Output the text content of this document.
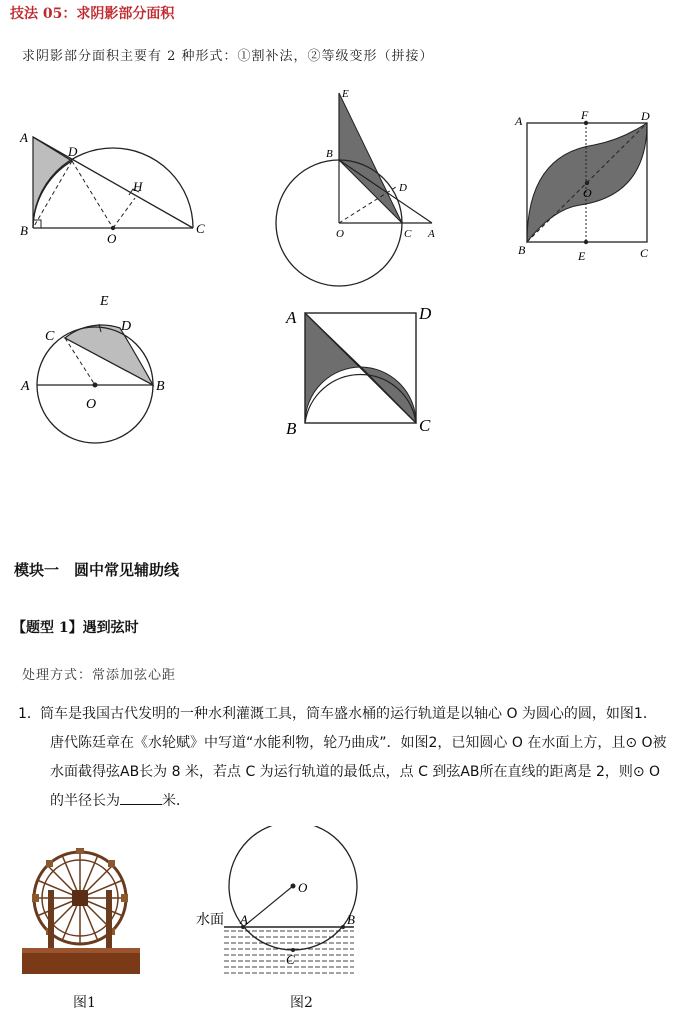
技法 05：求阴影部分面积
求阴影部分面积主要有 2 种形式：①割补法，②等级变形（拼接）
A
D
H
B
O
C
E
B
D
O	C A
A	F	D
O
B	E	C
E
C
D
A
O
B
A	D
B	C
模块一　圆中常见辅助线
【题型 1】遇到弦时
处理方式：常添加弦心距
1． 筒车是我国古代发明的一种水利灌溉工具，筒车盛水桶的运行轨道是以轴心 O 为圆心的圆，如图1．唐代陈廷章在《水轮赋》中写道“水能利物，轮乃曲成”．如图2，已知圆心 O 在水面上方，且⊙ O被水面截得弦AB长为 8 米，若点 C 为运行轨道的最低点，点 C 到弦AB所在直线的距离是 2，则⊙ O的半径长为	米．
水面 A
O
B
C
图1	图2
